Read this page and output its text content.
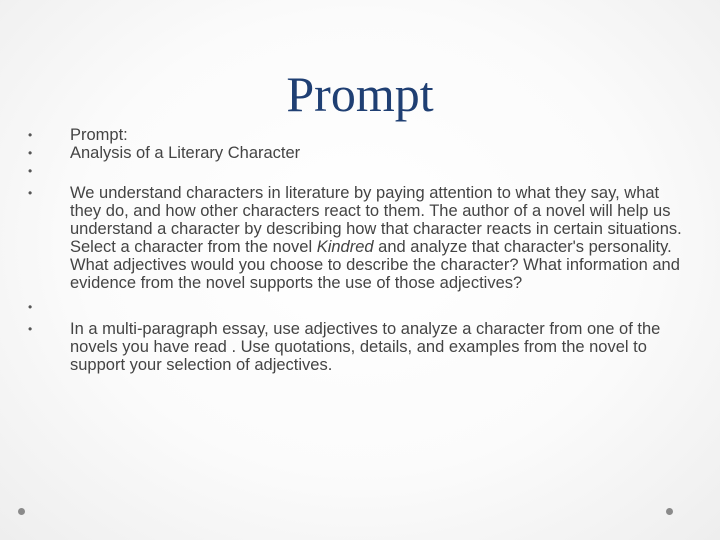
Prompt
• Prompt:
• Analysis of a Literary Character
•
• We understand characters in literature by paying attention to what they say, what they do, and how other characters react to them. The author of a novel will help us understand a character by describing how that character reacts in certain situations. Select a character from the novel Kindred and analyze that character's personality. What adjectives would you choose to describe the character? What information and evidence from the novel supports the use of those adjectives?
•
• In a multi-paragraph essay, use adjectives to analyze a character from one of the novels you have read . Use quotations, details, and examples from the novel to support your selection of adjectives.
